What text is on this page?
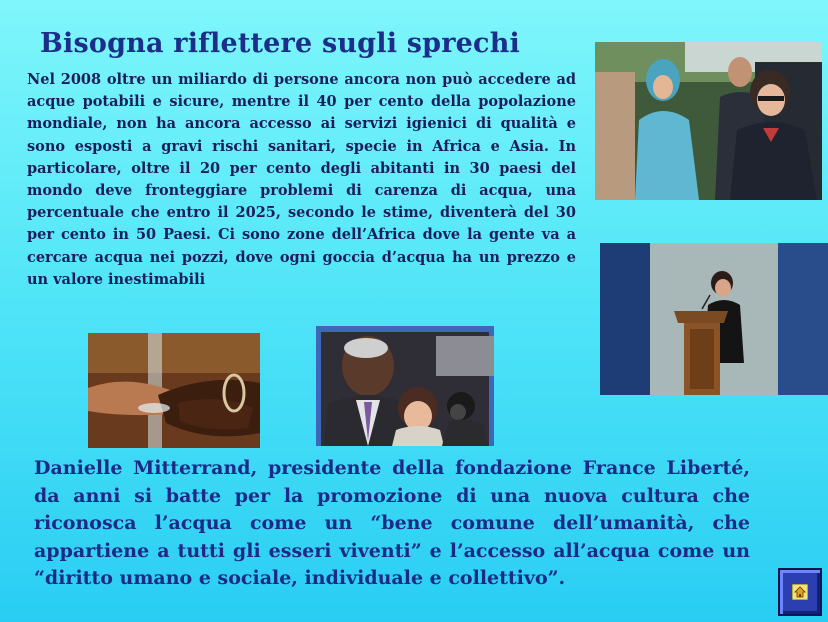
Bisogna riflettere sugli sprechi
Nel 2008 oltre un miliardo di persone ancora non può accedere ad acque potabili e sicure, mentre il 40 per cento della popolazione mondiale, non ha ancora accesso ai servizi igienici di qualità e sono esposti a gravi rischi sanitari, specie in Africa e Asia. In particolare, oltre il 20 per cento degli abitanti in 30 paesi del mondo deve fronteggiare problemi di carenza di acqua, una percentuale che entro il 2025, secondo le stime, diventerà del 30 per cento in 50 Paesi. Ci sono zone dell’Africa dove la gente va a cercare acqua nei pozzi, dove ogni goccia d’acqua ha un prezzo e un valore inestimabili
Danielle Mitterrand, presidente della fondazione France Liberté, da anni si batte per la promozione di una nuova cultura che riconosca l’acqua come un “bene comune dell’umanità, che appartiene a tutti gli esseri viventi” e l’accesso all’acqua come un “diritto umano e sociale, individuale e collettivo”.
